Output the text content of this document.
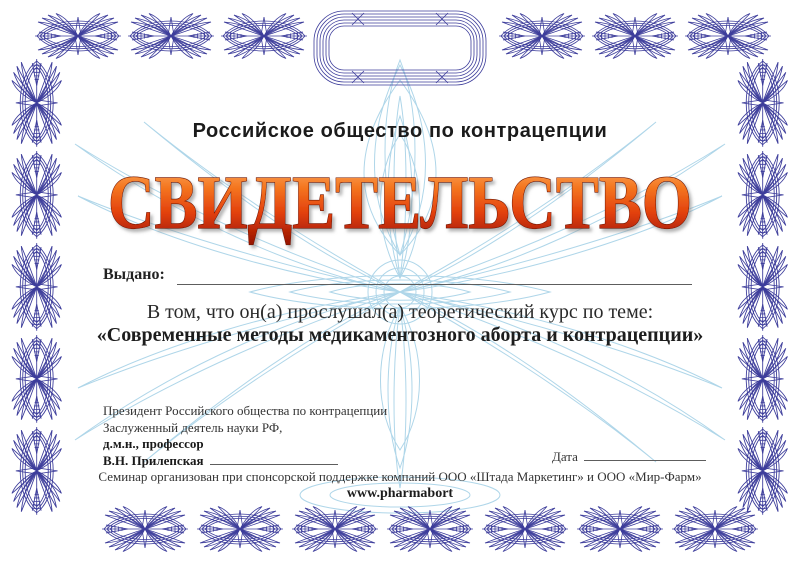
Российское общество по контрацепции
СВИДЕТЕЛЬСТВО
Выдано:
В том, что он(а) прослушал(а) теоретический курс по теме:
«Современные методы медикаментозного аборта и контрацепции»
Президент Российского общества по контрацепции
Заслуженный деятель науки РФ,
д.м.н., профессор
В.Н. Прилепская	Дата
Семинар организован при спонсорской поддержке компаний ООО «Штада Маркетинг» и ООО «Мир-Фарм»
www.pharmabort
